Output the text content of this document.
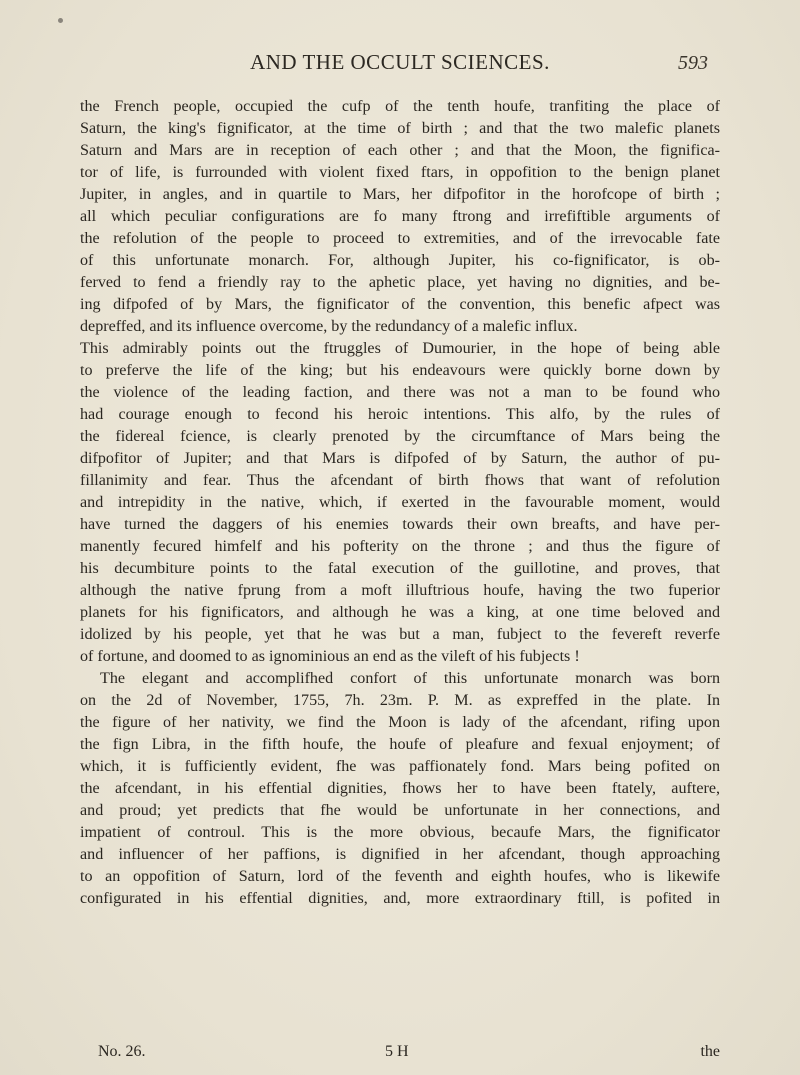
AND THE OCCULT SCIENCES.	593
the French people, occupied the cufp of the tenth houfe, tranfiting the place of
Saturn, the king's fignificator, at the time of birth ; and that the two malefic planets
Saturn and Mars are in reception of each other ; and that the Moon, the fignifica-
tor of life, is furrounded with violent fixed ftars, in oppofition to the benign planet
Jupiter, in angles, and in quartile to Mars, her difpofitor in the horofcope of birth ;
all which peculiar configurations are fo many ftrong and irrefiftible arguments of
the refolution of the people to proceed to extremities, and of the irrevocable fate
of this unfortunate monarch. For, although Jupiter, his co-fignificator, is ob-
ferved to fend a friendly ray to the aphetic place, yet having no dignities, and be-
ing difpofed of by Mars, the fignificator of the convention, this benefic afpect was
depreffed, and its influence overcome, by the redundancy of a malefic influx.
This admirably points out the ftruggles of Dumourier, in the hope of being able
to preferve the life of the king; but his endeavours were quickly borne down by
the violence of the leading faction, and there was not a man to be found who
had courage enough to fecond his heroic intentions. This alfo, by the rules of
the fidereal fcience, is clearly prenoted by the circumftance of Mars being the
difpofitor of Jupiter; and that Mars is difpofed of by Saturn, the author of pu-
fillanimity and fear. Thus the afcendant of birth fhows that want of refolution
and intrepidity in the native, which, if exerted in the favourable moment, would
have turned the daggers of his enemies towards their own breafts, and have per-
manently fecured himfelf and his pofterity on the throne ; and thus the figure of
his decumbiture points to the fatal execution of the guillotine, and proves, that
although the native fprung from a moft illuftrious houfe, having the two fuperior
planets for his fignificators, and although he was a king, at one time beloved and
idolized by his people, yet that he was but a man, fubject to the fevereft reverfe
of fortune, and doomed to as ignominious an end as the vileft of his fubjects !
The elegant and accomplifhed confort of this unfortunate monarch was born
on the 2d of November, 1755, 7h. 23m. P. M. as expreffed in the plate. In
the figure of her nativity, we find the Moon is lady of the afcendant, rifing upon
the fign Libra, in the fifth houfe, the houfe of pleafure and fexual enjoyment; of
which, it is fufficiently evident, fhe was paffionately fond. Mars being pofited on
the afcendant, in his effential dignities, fhows her to have been ftately, auftere,
and proud; yet predicts that fhe would be unfortunate in her connections, and
impatient of controul. This is the more obvious, becaufe Mars, the fignificator
and influencer of her paffions, is dignified in her afcendant, though approaching
to an oppofition of Saturn, lord of the feventh and eighth houfes, who is likewife
configurated in his effential dignities, and, more extraordinary ftill, is pofited in
No. 26.	5 H	the
